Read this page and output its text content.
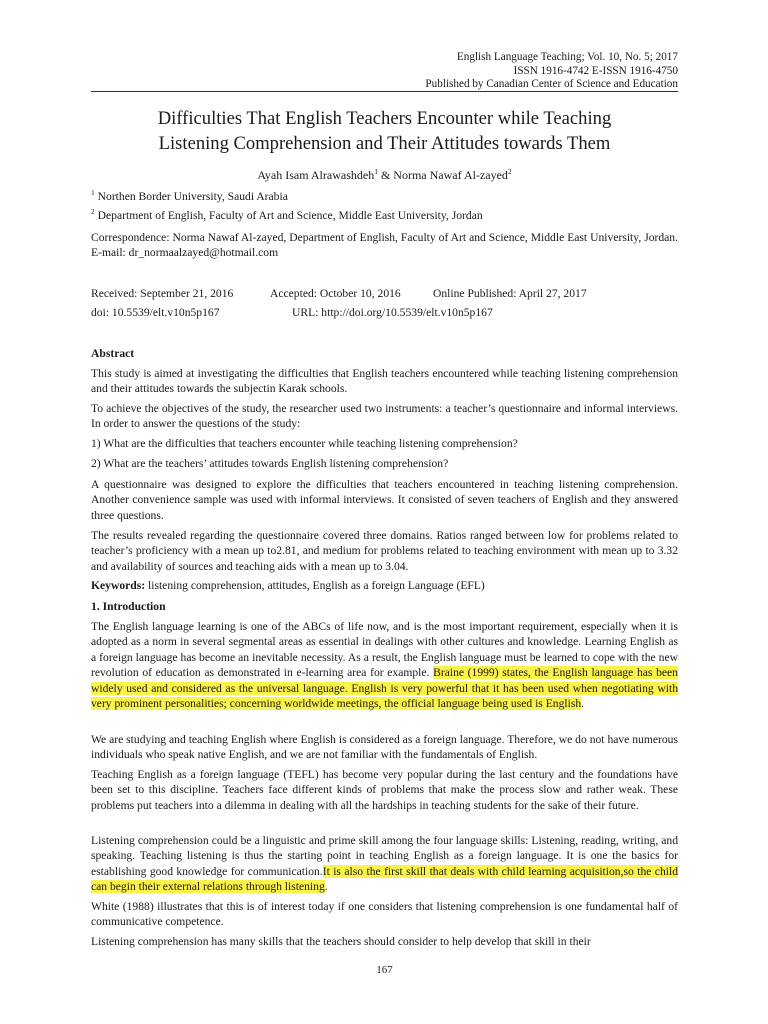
English Language Teaching; Vol. 10, No. 5; 2017
ISSN 1916-4742 E-ISSN 1916-4750
Published by Canadian Center of Science and Education
Difficulties That English Teachers Encounter while Teaching
Listening Comprehension and Their Attitudes towards Them
Ayah Isam Alrawashdeh$^1$ & Norma Nawaf Al-zayed$^2$
$^1$ Northen Border University, Saudi Arabia
$^2$ Department of English, Faculty of Art and Science, Middle East University, Jordan
Correspondence: Norma Nawaf Al-zayed, Department of English, Faculty of Art and Science, Middle East University, Jordan. E-mail: dr_normaalzayed@hotmail.com
Received: September 21, 2016	Accepted: October 10, 2016	Online Published: April 27, 2017
doi: 10.5539/elt.v10n5p167	URL: http://doi.org/10.5539/elt.v10n5p167
Abstract
This study is aimed at investigating the difficulties that English teachers encountered while teaching listening comprehension and their attitudes towards the subjectin Karak schools.
To achieve the objectives of the study, the researcher used two instruments: a teacher’s questionnaire and informal interviews. In order to answer the questions of the study:
1) What are the difficulties that teachers encounter while teaching listening comprehension?
2) What are the teachers’ attitudes towards English listening comprehension?
A questionnaire was designed to explore the difficulties that teachers encountered in teaching listening comprehension. Another convenience sample was used with informal interviews. It consisted of seven teachers of English and they answered three questions.
The results revealed regarding the questionnaire covered three domains. Ratios ranged between low for problems related to teacher’s proficiency with a mean up to2.81, and medium for problems related to teaching environment with mean up to 3.32 and availability of sources and teaching aids with a mean up to 3.04.
Keywords: listening comprehension, attitudes, English as a foreign Language (EFL)
1. Introduction
The English language learning is one of the ABCs of life now, and is the most important requirement, especially when it is adopted as a norm in several segmental areas as essential in dealings with other cultures and knowledge. Learning English as a foreign language has become an inevitable necessity. As a result, the English language must be learned to cope with the new revolution of education as demonstrated in e-learning area for example. Braine (1999) states, the English language has been widely used and considered as the universal language. English is very powerful that it has been used when negotiating with very prominent personalities; concerning worldwide meetings, the official language being used is English.
We are studying and teaching English where English is considered as a foreign language. Therefore, we do not have numerous individuals who speak native English, and we are not familiar with the fundamentals of English.
Teaching English as a foreign language (TEFL) has become very popular during the last century and the foundations have been set to this discipline. Teachers face different kinds of problems that make the process slow and rather weak. These problems put teachers into a dilemma in dealing with all the hardships in teaching students for the sake of their future.
Listening comprehension could be a linguistic and prime skill among the four language skills: Listening, reading, writing, and speaking. Teaching listening is thus the starting point in teaching English as a foreign language. It is one the basics for establishing good knowledge for communication.It is also the first skill that deals with child learning acquisition,so the child can begin their external relations through listening.
White (1988) illustrates that this is of interest today if one considers that listening comprehension is one fundamental half of communicative competence.
Listening comprehension has many skills that the teachers should consider to help develop that skill in their
167
